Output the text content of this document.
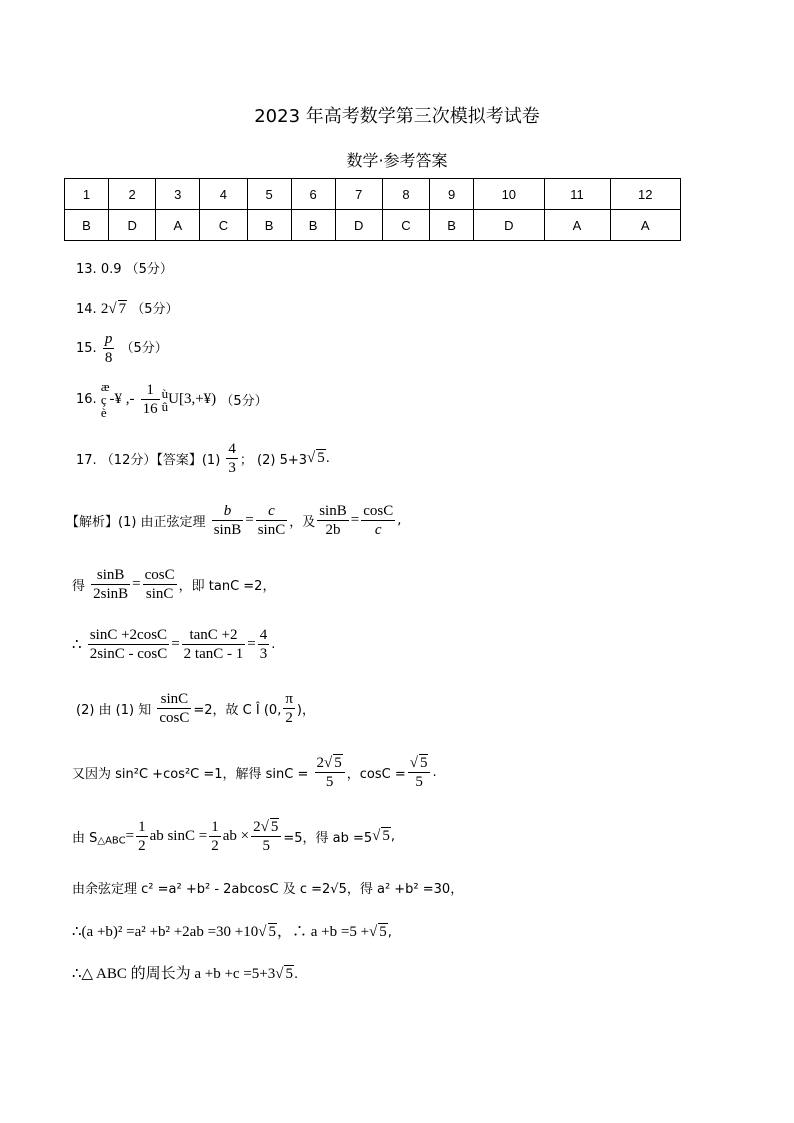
2023 年高考数学第三次模拟考试卷
数学·参考答案
1	2	3	4	5	6	7	8	9	10	11	12
B	D	A	C	B	B	D	C	B	D	A	A
13. 0.9 （5分）
14. 2√ 7 （5分）
15. $\frac{p}{8} (5$分）
16. æ
ç
è-¥ ,- $\frac{1}{16}$ ù
ûU[3,+¥) （5分）
17. （12分）【答案】$(1) \frac{4}{3}$ ； (2) 5+3√ 5.
【解析】(1) 由正弦定理 $\frac{b}{\sin B} = \frac{c}{\sin C}$ ，及 $\frac{\sin B}{2b} = \frac{\cos C}{c}$ ,
得 $\frac{\sin B}{2\sin B} = \frac{\cos C}{\sin C}$ ，即 tanC =2，
∴ $\frac{\sin C +2\cos C}{2\sin C - \cos C} = \frac{\tan C +2}{2 \tan C - 1} = \frac{4}{3}$ .
(2) 由 (1) 知 $\frac{\sin C}{\cos C} =2$，故 C Î (0, $\frac{\pi}{2}$ )，
又因为 sin²C +cos²C =1，解得 $\sin C = \frac{2√ 5}{5}$ ，$\cos C = \frac{√ 5}{5}$ .
由 $S_{\triangle ABC}= \frac{1}{2}$ ab $\sin C = \frac{1}{2}$ ab × $\frac{2√ 5}{5} =5$，得 ab =5√ 5,
由余弦定理 c² =a² +b² - 2abcosC 及 c =2√5，得 a² +b² =30，
∴(a +b)² =a² +b² +2ab =30 +10√ 5，∴ a +b =5 +√ 5,
∴△ ABC 的周长为 a +b +c =5+3√ 5.
